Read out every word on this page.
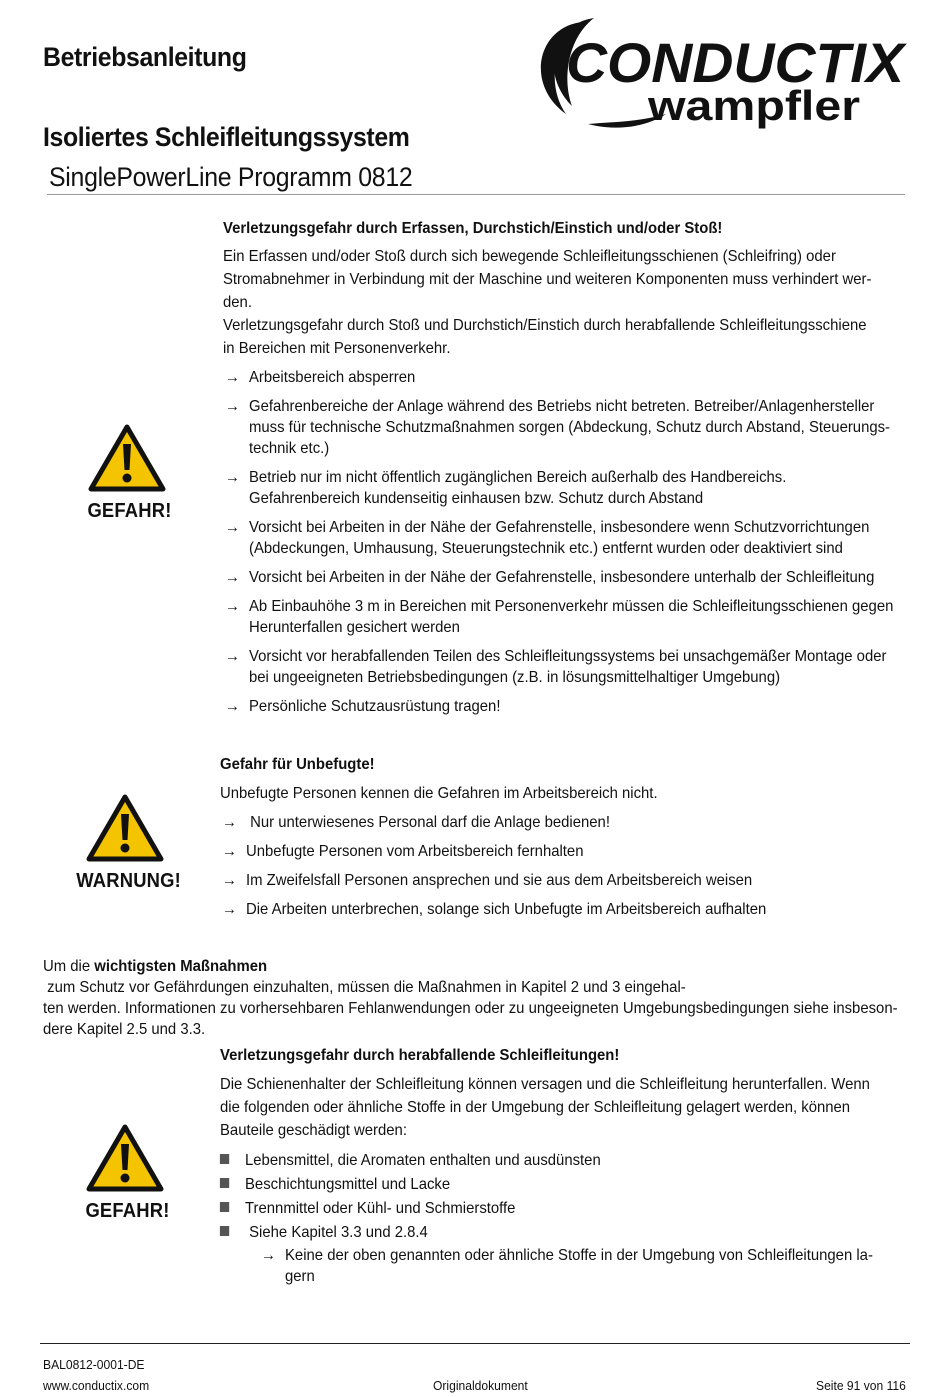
Betriebsanleitung
Isoliertes Schleifleitungssystem
SinglePowerLine Programm 0812
CONDUCTIX
wampfler
GEFAHR!
Verletzungsgefahr durch Erfassen, Durchstich/Einstich und/oder Stoß!
Ein Erfassen und/oder Stoß durch sich bewegende Schleifleitungsschienen (Schleifring) oder
Stromabnehmer in Verbindung mit der Maschine und weiteren Komponenten muss verhindert wer-
den.
Verletzungsgefahr durch Stoß und Durchstich/Einstich durch herabfallende Schleifleitungsschiene
in Bereichen mit Personenverkehr.
→ Arbeitsbereich absperren
→ Gefahrenbereiche der Anlage während des Betriebs nicht betreten. Betreiber/Anlagenhersteller
muss für technische Schutzmaßnahmen sorgen (Abdeckung, Schutz durch Abstand, Steuerungs-
technik etc.)
→ Betrieb nur im nicht öffentlich zugänglichen Bereich außerhalb des Handbereichs.
Gefahrenbereich kundenseitig einhausen bzw. Schutz durch Abstand
→ Vorsicht bei Arbeiten in der Nähe der Gefahrenstelle, insbesondere wenn Schutzvorrichtungen
(Abdeckungen, Umhausung, Steuerungstechnik etc.) entfernt wurden oder deaktiviert sind
→ Vorsicht bei Arbeiten in der Nähe der Gefahrenstelle, insbesondere unterhalb der Schleifleitung
→ Ab Einbauhöhe 3 m in Bereichen mit Personenverkehr müssen die Schleifleitungsschienen gegen
Herunterfallen gesichert werden
→ Vorsicht vor herabfallenden Teilen des Schleifleitungssystems bei unsachgemäßer Montage oder
bei ungeeigneten Betriebsbedingungen (z.B. in lösungsmittelhaltiger Umgebung)
→ Persönliche Schutzausrüstung tragen!
WARNUNG!
Gefahr für Unbefugte!
Unbefugte Personen kennen die Gefahren im Arbeitsbereich nicht.
→ Nur unterwiesenes Personal darf die Anlage bedienen!
→ Unbefugte Personen vom Arbeitsbereich fernhalten
→ Im Zweifelsfall Personen ansprechen und sie aus dem Arbeitsbereich weisen
→ Die Arbeiten unterbrechen, solange sich Unbefugte im Arbeitsbereich aufhalten
Um die wichtigsten Maßnahmen zum Schutz vor Gefährdungen einzuhalten, müssen die Maßnahmen in Kapitel 2 und 3 eingehal-
ten werden. Informationen zu vorhersehbaren Fehlanwendungen oder zu ungeeigneten Umgebungsbedingungen siehe insbeson-
dere Kapitel 2.5 und 3.3.
GEFAHR!
Verletzungsgefahr durch herabfallende Schleifleitungen!
Die Schienenhalter der Schleifleitung können versagen und die Schleifleitung herunterfallen. Wenn
die folgenden oder ähnliche Stoffe in der Umgebung der Schleifleitung gelagert werden, können
Bauteile geschädigt werden:
Lebensmittel, die Aromaten enthalten und ausdünsten
Beschichtungsmittel und Lacke
Trennmittel oder Kühl- und Schmierstoffe
Siehe Kapitel 3.3 und 2.8.4
→ Keine der oben genannten oder ähnliche Stoffe in der Umgebung von Schleifleitungen la-
gern
BAL0812-0001-DE
www.conductix.com	Originaldokument	Seite 91 von 116
